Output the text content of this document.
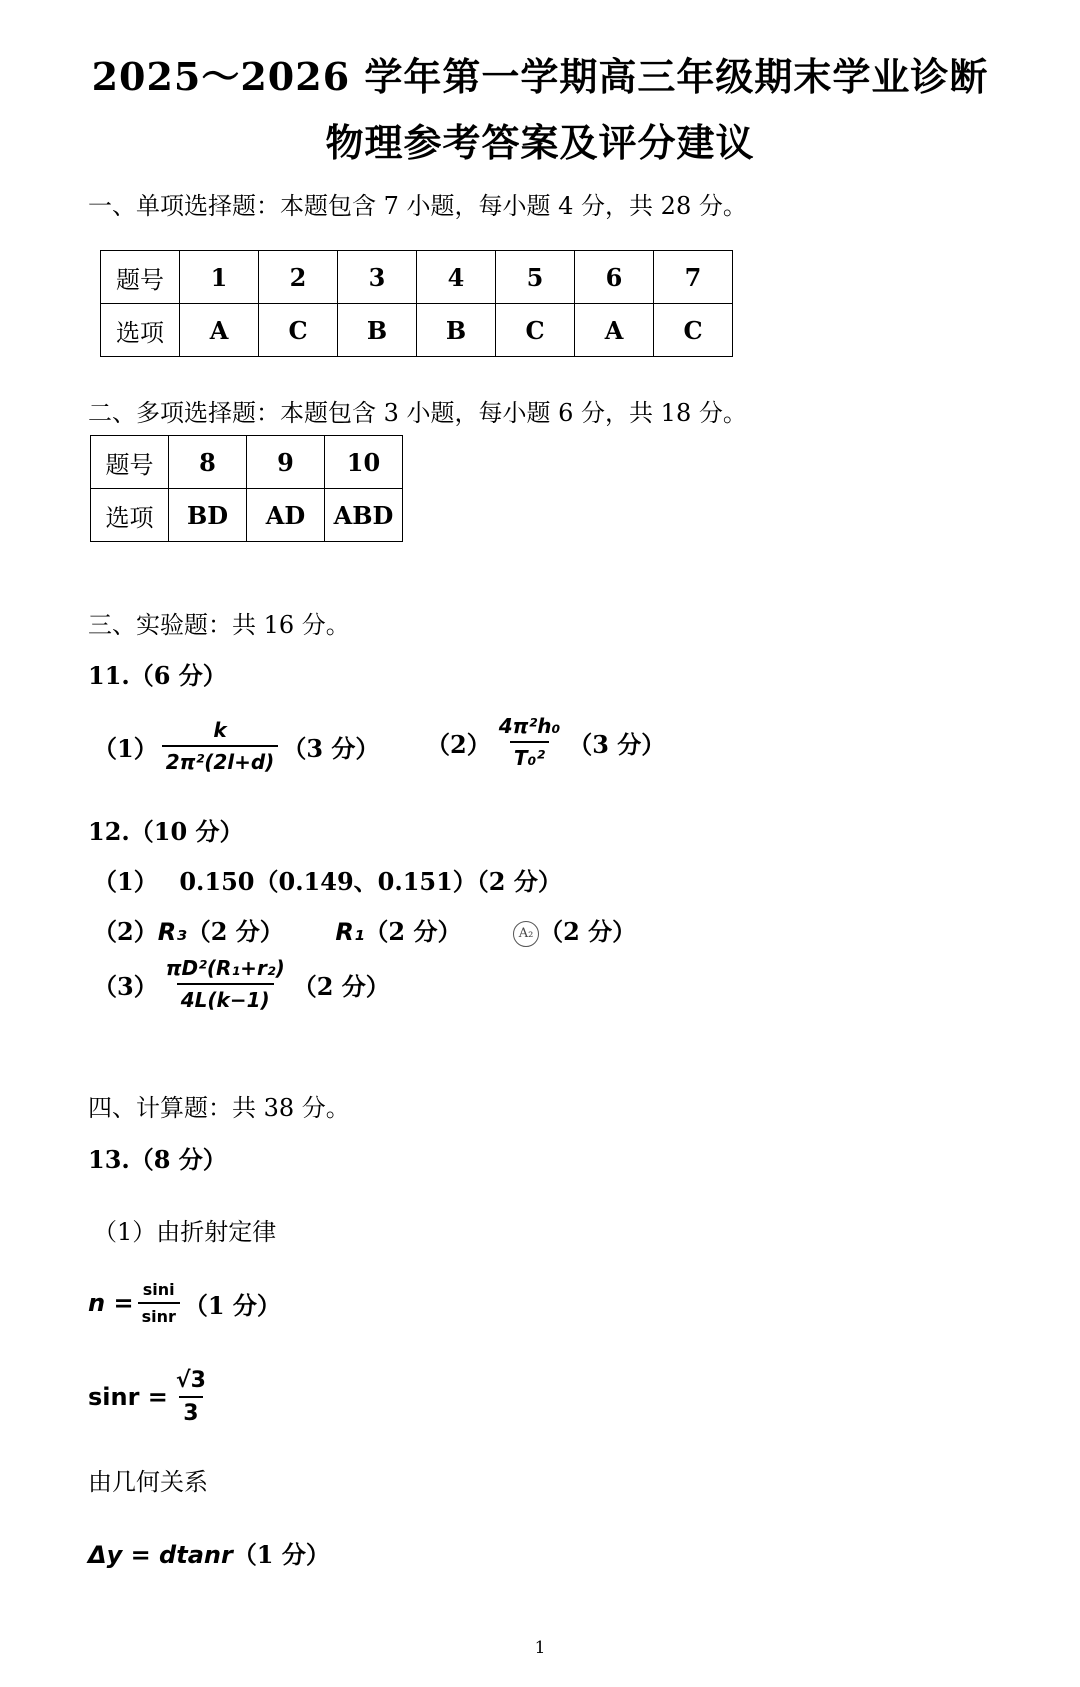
2025～2026 学年第一学期高三年级期末学业诊断
物理参考答案及评分建议
一、单项选择题：本题包含 7 小题，每小题 4 分，共 28 分。
题号	1	2	3	4	5	6	7
选项	A	C	B	B	C	A	C
二、多项选择题：本题包含 3 小题，每小题 6 分，共 18 分。
题号	8	9	10
选项	BD	AD	ABD
三、实验题：共 16 分。
11.（6 分）
$(1) \frac{k}{\text{2π²(2l+d)}} (3$ 分） $(2) \frac{\text{4π²h₀}}{\text{T₀²}} (3$ 分）
12.（10 分）
（1） 0.150（0.149、0.151）（2 分）
（2）R₃（2 分） R₁（2 分）	A₂ （2 分）
$(3) \frac{\text{πD²(R₁+r₂)}}{4L(k-1)} (2$ 分）
四、计算题：共 38 分。
13.（8 分）
（1）由折射定律
$n = \frac{\sin i}{\sin r} (1$ 分）
$\sin r = \frac{√3}{3}$
由几何关系
Δy = dtanr（1 分）
1
